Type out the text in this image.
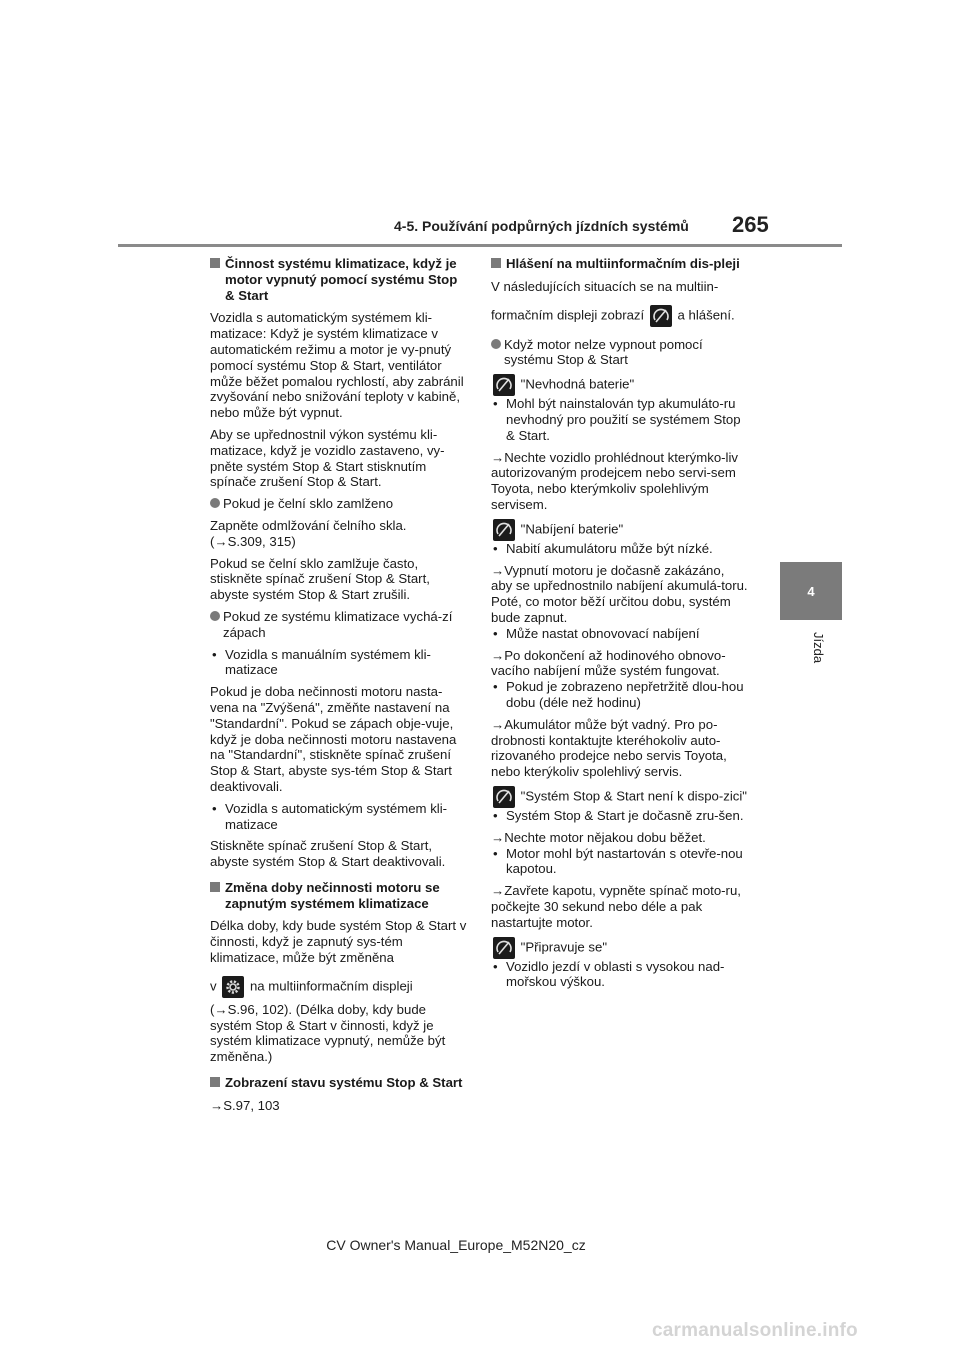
4-5. Používání podpůrných jízdních systémů 265
4
Jízda

Činnost systému klimatizace, když je motor vypnutý pomocí systému Stop & Start

Vozidla s automatickým systémem kli-matizace: Když je systém klimatizace v automatickém režimu a motor je vy-pnutý pomocí systému Stop & Start, ventilátor může běžet pomalou rychlostí, aby zabránil zvyšování nebo snižování teploty v kabině, nebo může být vypnut.

Aby se upřednostnil výkon systému kli-matizace, když je vozidlo zastaveno, vy-pněte systém Stop & Start stisknutím spínače zrušení Stop & Start.

Pokud je čelní sklo zamlženo

Zapněte odmlžování čelního skla.

(→S.309, 315)

Pokud se čelní sklo zamlžuje často, stiskněte spínač zrušení Stop & Start, abyste systém Stop & Start zrušili.

Pokud ze systému klimatizace vychá-zí zápach

• Vozidla s manuálním systémem kli-matizace

Pokud je doba nečinnosti motoru nasta-vena na "Zvýšená", změňte nastavení na "Standardní". Pokud se zápach obje-vuje, když je doba nečinnosti motoru nastavena na "Standardní", stiskněte spínač zrušení Stop & Start, abyste sys-tém Stop & Start deaktivovali.

• Vozidla s automatickým systémem kli-matizace

Stiskněte spínač zrušení Stop & Start, abyste systém Stop & Start deaktivovali.

Změna doby nečinnosti motoru se zapnutým systémem klimatizace

Délka doby, kdy bude systém Stop & Start v činnosti, když je zapnutý sys-tém klimatizace, může být změněna

v	na multiinformačním displeji

(→S.96, 102). (Délka doby, kdy bude systém Stop & Start v činnosti, když je systém klimatizace vypnutý, nemůže být změněna.)

Zobrazení stavu systému Stop & Start

→S.97, 103

Hlášení na multiinformačním dis-pleji

V následujících situacích se na multiin-

formačním displeji zobrazí	a hlášení.

Když motor nelze vypnout pomocí systému Stop & Start

"Nevhodná baterie"

• Mohl být nainstalován typ akumuláto-ru nevhodný pro použití se systémem Stop & Start.

→Nechte vozidlo prohlédnout kterýmko-liv autorizovaným prodejcem nebo servi-sem Toyota, nebo kterýmkoliv spolehlivým servisem.

"Nabíjení baterie"

• Nabití akumulátoru může být nízké.

→Vypnutí motoru je dočasně zakázáno, aby se upřednostnilo nabíjení akumulá-toru. Poté, co motor běží určitou dobu, systém bude zapnut.

• Může nastat obnovovací nabíjení

→Po dokončení až hodinového obnovo-vacího nabíjení může systém fungovat.

• Pokud je zobrazeno nepřetržitě dlou-hou dobu (déle než hodinu)

→Akumulátor může být vadný. Pro po-drobnosti kontaktujte kteréhokoliv auto-rizovaného prodejce nebo servis Toyota, nebo kterýkoliv spolehlivý servis.

"Systém Stop & Start není k dispo-zici"

• Systém Stop & Start je dočasně zru-šen.

→Nechte motor nějakou dobu běžet.

• Motor mohl být nastartován s otevře-nou kapotou.

→Zavřete kapotu, vypněte spínač moto-ru, počkejte 30 sekund nebo déle a pak nastartujte motor.

"Připravuje se"

• Vozidlo jezdí v oblasti s vysokou nad-mořskou výškou.

CV Owner's Manual_Europe_M52N20_cz
carmanualsonline.info
